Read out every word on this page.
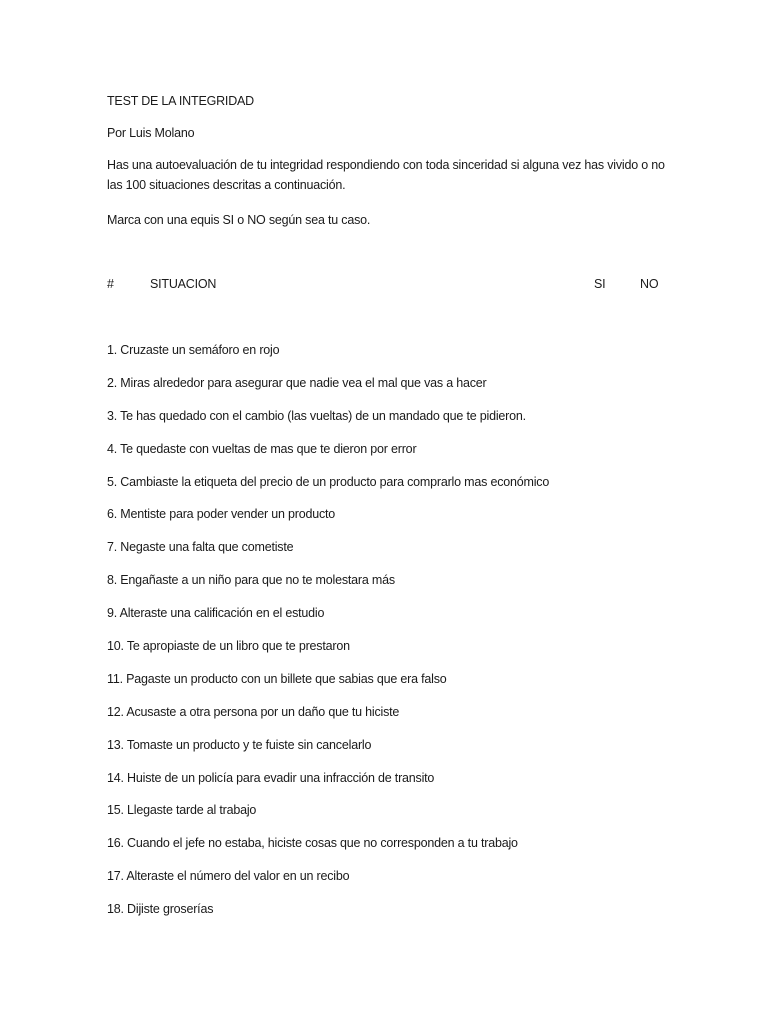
TEST DE LA INTEGRIDAD
Por Luis Molano
Has una autoevaluación de tu integridad respondiendo con toda sinceridad si alguna vez has vivido o no las 100 situaciones descritas a continuación.
Marca con una equis SI o NO según sea tu caso.
#	SITUACION	SI	NO
1. Cruzaste un semáforo en rojo
2. Miras alrededor para asegurar que nadie vea el mal que vas a hacer
3. Te has quedado con el cambio (las vueltas) de un mandado que te pidieron.
4. Te quedaste con vueltas de mas que te dieron por error
5. Cambiaste la etiqueta del precio de un producto para comprarlo mas económico
6. Mentiste para poder vender un producto
7. Negaste una falta que cometiste
8. Engañaste a un niño para que no te molestara más
9. Alteraste una calificación en el estudio
10. Te apropiaste de un libro que te prestaron
11. Pagaste un producto con un billete que sabias que era falso
12. Acusaste a otra persona por un daño que tu hiciste
13. Tomaste un producto y te fuiste sin cancelarlo
14. Huiste de un policía para evadir una infracción de transito
15. Llegaste tarde al trabajo
16. Cuando el jefe no estaba, hiciste cosas que no corresponden a tu trabajo
17. Alteraste el número del valor en un recibo
18. Dijiste groserías
